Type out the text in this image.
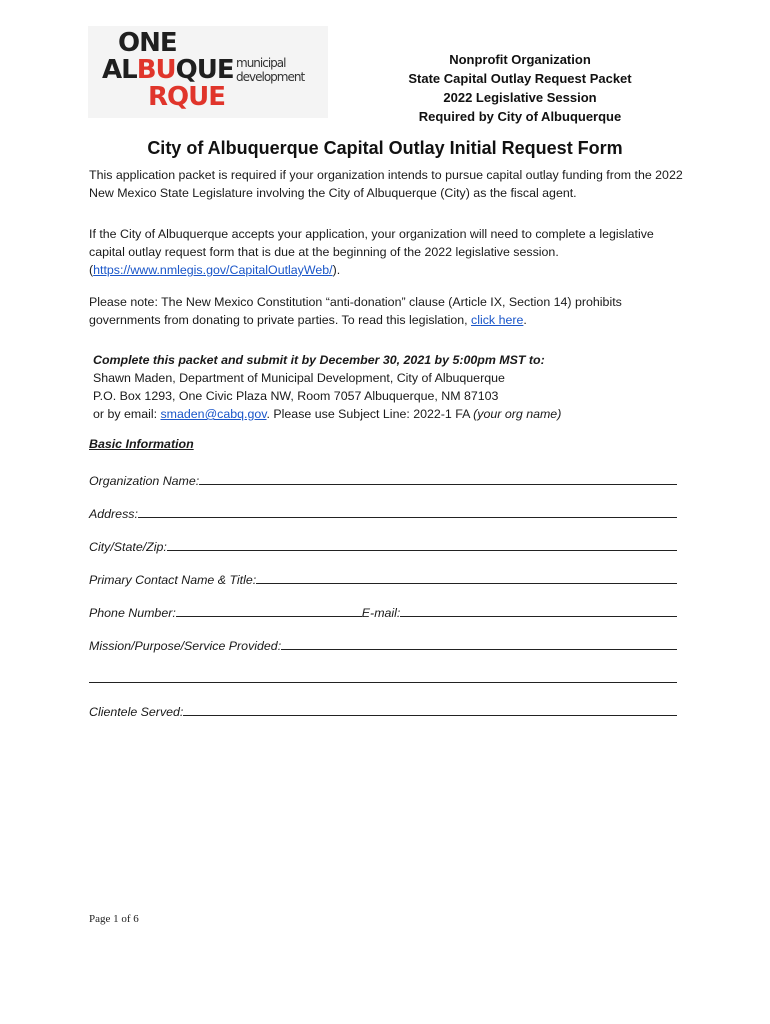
ONE
ALBUQUE
RQUE
municipal
development
Nonprofit Organization
State Capital Outlay Request Packet
2022 Legislative Session
Required by City of Albuquerque
City of Albuquerque Capital Outlay Initial Request Form
This application packet is required if your organization intends to pursue capital outlay funding from the 2022 New Mexico State Legislature involving the City of Albuquerque (City) as the fiscal agent.
If the City of Albuquerque accepts your application, your organization will need to complete a legislative capital outlay request form that is due at the beginning of the 2022 legislative session.
(https://www.nmlegis.gov/CapitalOutlayWeb/).
Please note: The New Mexico Constitution “anti-donation” clause (Article IX, Section 14) prohibits governments from donating to private parties. To read this legislation, click here.
Complete this packet and submit it by December 30, 2021 by 5:00pm MST to:
Shawn Maden, Department of Municipal Development, City of Albuquerque
P.O. Box 1293, One Civic Plaza NW, Room 7057 Albuquerque, NM 87103
or by email: smaden@cabq.gov. Please use Subject Line: 2022-1 FA (your org name)
Basic Information
Organization Name:
Address:
City/State/Zip:
Primary Contact Name & Title:
Phone Number:	E-mail:
Mission/Purpose/Service Provided:
Clientele Served:
Page 1 of 6
